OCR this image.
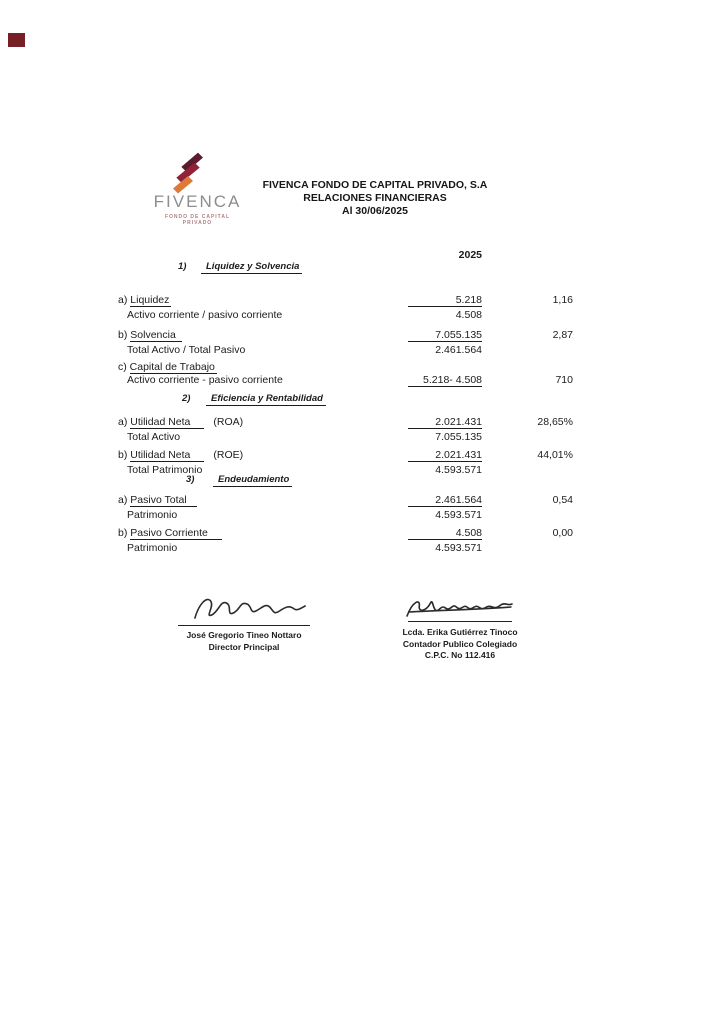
FIVENCA
FONDO DE CAPITAL
PRIVADO
FIVENCA FONDO DE CAPITAL PRIVADO, S.A
RELACIONES FINANCIERAS
Al 30/06/2025
2025
1)	Liquidez y Solvencia
a) Liquidez	5.218	1,16
Activo corriente / pasivo corriente	4.508
b) Solvencia	7.055.135	2,87
Total Activo / Total Pasivo	2.461.564
c) Capital de Trabajo
Activo corriente - pasivo corriente	5.218- 4.508	710
2)	Eficiencia y Rentabilidad
a) Utilidad Neta (ROA)	2.021.431	28,65%
Total Activo	7.055.135
b) Utilidad Neta (ROE)	2.021.431	44,01%
Total Patrimonio	4.593.571
3)	Endeudamiento
a) Pasivo Total	2.461.564	0,54
Patrimonio	4.593.571
b) Pasivo Corriente	4.508	0,00
Patrimonio	4.593.571
José Gregorio Tineo Nottaro
Director Principal
Lcda. Erika Gutiérrez Tinoco
Contador Publico Colegiado
C.P.C. No 112.416
